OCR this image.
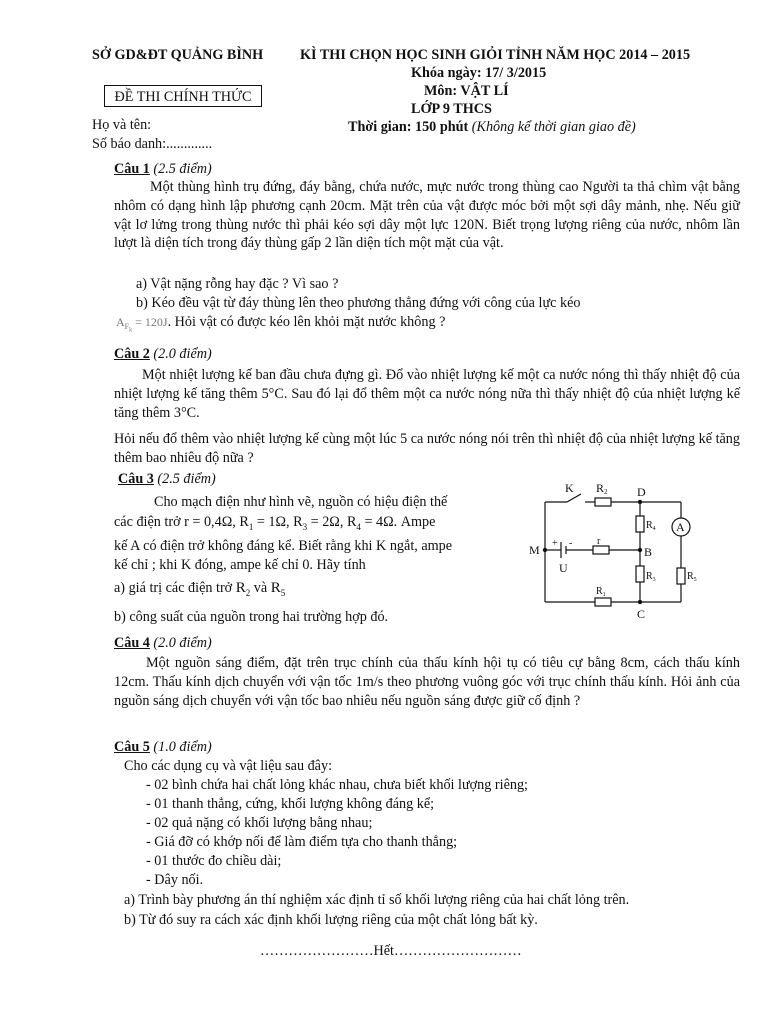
SỞ GD&ĐT QUẢNG BÌNH	KÌ THI CHỌN HỌC SINH GIỎI TỈNH NĂM HỌC 2014 – 2015
Khóa ngày: 17/ 3/2015
ĐỀ THI CHÍNH THỨC	Môn: VẬT LÍ
LỚP 9 THCS
Họ và tên:	Thời gian: 150 phút (Không kể thời gian giao đề)
Số báo danh:.............
Câu 1 (2.5 điểm)
Một thùng hình trụ đứng, đáy bằng, chứa nước, mực nước trong thùng cao Người ta thả chìm vật bằng nhôm có dạng hình lập phương cạnh 20cm. Mặt trên của vật được móc bởi một sợi dây mảnh, nhẹ. Nếu giữ vật lơ lửng trong thùng nước thì phải kéo sợi dây một lực 120N. Biết trọng lượng riêng của nước, nhôm lần lượt là diện tích trong đáy thùng gấp 2 lần diện tích một mặt của vật.
a) Vật nặng rỗng hay đặc ? Vì sao ?
b) Kéo đều vật từ đáy thùng lên theo phương thẳng đứng với công của lực kéo
$A_{F_k} = 120J$. Hỏi vật có được kéo lên khỏi mặt nước không ?
Câu 2 (2.0 điểm)
Một nhiệt lượng kế ban đầu chưa đựng gì. Đổ vào nhiệt lượng kế một ca nước nóng thì thấy nhiệt độ của nhiệt lượng kế tăng thêm 5°C. Sau đó lại đổ thêm một ca nước nóng nữa thì thấy nhiệt độ của nhiệt lượng kế tăng thêm 3°C.
Hỏi nếu đổ thêm vào nhiệt lượng kế cùng một lúc 5 ca nước nóng nói trên thì nhiệt độ của nhiệt lượng kế tăng thêm bao nhiêu độ nữa ?
Câu 3 (2.5 điểm)
Cho mạch điện như hình vẽ, nguồn có hiệu điện thế
các điện trở r = 0,4Ω, $R_1 = 1\Omega$, $R_3 = 2\Omega$, $R_4 = 4\Omega$. Ampe
kế A có điện trở không đáng kể. Biết rằng khi K ngắt, ampe
kế chỉ ; khi K đóng, ampe kế chỉ 0. Hãy tính
a) giá trị các điện trở $R_2$ và $R_5$
b) công suất của nguồn trong hai trường hợp đó.
K R2 D
$R_4$ A
M + - r
B
U
$R_3$	$R_5$
$R_1$
C
Câu 4 (2.0 điểm)
Một nguồn sáng điểm, đặt trên trục chính của thấu kính hội tụ có tiêu cự bằng 8cm, cách thấu kính 12cm. Thấu kính dịch chuyển với vận tốc 1m/s theo phương vuông góc với trục chính thấu kính. Hỏi ảnh của nguồn sáng dịch chuyển với vận tốc bao nhiêu nếu nguồn sáng được giữ cố định ?
Câu 5 (1.0 điểm)
Cho các dụng cụ và vật liệu sau đây:
- 02 bình chứa hai chất lỏng khác nhau, chưa biết khối lượng riêng;
- 01 thanh thẳng, cứng, khối lượng không đáng kể;
- 02 quả nặng có khối lượng bằng nhau;
- Giá đỡ có khớp nối để làm điểm tựa cho thanh thẳng;
- 01 thước đo chiều dài;
- Dây nối.
a) Trình bày phương án thí nghiệm xác định tỉ số khối lượng riêng của hai chất lỏng trên.
b) Từ đó suy ra cách xác định khối lượng riêng của một chất lỏng bất kỳ.
……………………Hết………………………
